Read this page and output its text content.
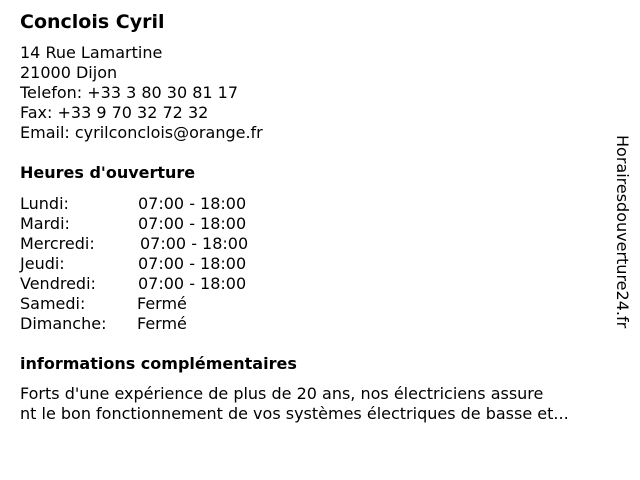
Conclois Cyril
14 Rue Lamartine
21000 Dijon
Telefon: +33 3 80 30 81 17
Fax: +33 9 70 32 72 32
Email: cyrilconclois@orange.fr
Heures d'ouverture
Lundi:	07:00 - 18:00
Mardi:	07:00 - 18:00
Mercredi:	07:00 - 18:00
Jeudi:	07:00 - 18:00
Vendredi:	07:00 - 18:00
Samedi:	Fermé
Dimanche: Fermé
informations complémentaires
Forts d'une expérience de plus de 20 ans, nos électriciens assure
nt le bon fonctionnement de vos systèmes électriques de basse et...
Horairesdouverture24.fr
